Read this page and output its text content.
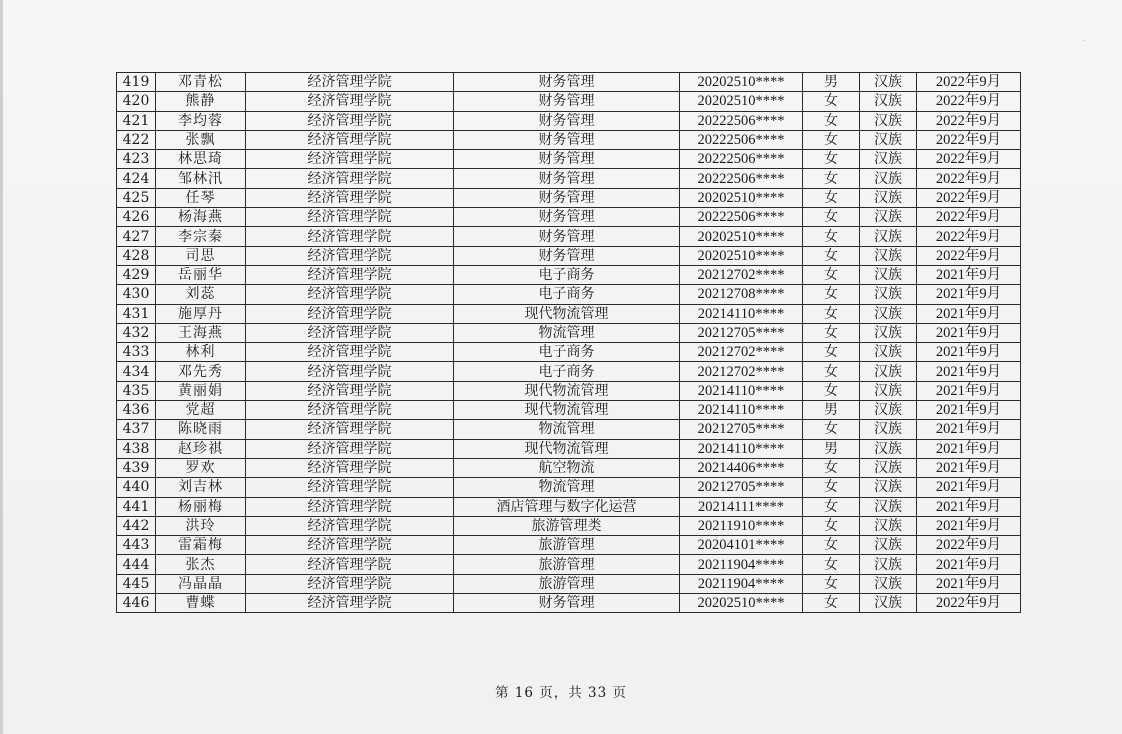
419	邓青松	经济管理学院	财务管理	20202510****	男	汉族	2022年9月
420	熊静	经济管理学院	财务管理	20202510****	女	汉族	2022年9月
421	李均蓉	经济管理学院	财务管理	20222506****	女	汉族	2022年9月
422	张飘	经济管理学院	财务管理	20222506****	女	汉族	2022年9月
423	林思琦	经济管理学院	财务管理	20222506****	女	汉族	2022年9月
424	邹林汛	经济管理学院	财务管理	20222506****	女	汉族	2022年9月
425	任琴	经济管理学院	财务管理	20202510****	女	汉族	2022年9月
426	杨海燕	经济管理学院	财务管理	20222506****	女	汉族	2022年9月
427	李宗秦	经济管理学院	财务管理	20202510****	女	汉族	2022年9月
428	司思	经济管理学院	财务管理	20202510****	女	汉族	2022年9月
429	岳丽华	经济管理学院	电子商务	20212702****	女	汉族	2021年9月
430	刘蕊	经济管理学院	电子商务	20212708****	女	汉族	2021年9月
431	施厚丹	经济管理学院	现代物流管理	20214110****	女	汉族	2021年9月
432	王海燕	经济管理学院	物流管理	20212705****	女	汉族	2021年9月
433	林利	经济管理学院	电子商务	20212702****	女	汉族	2021年9月
434	邓先秀	经济管理学院	电子商务	20212702****	女	汉族	2021年9月
435	黄丽娟	经济管理学院	现代物流管理	20214110****	女	汉族	2021年9月
436	党超	经济管理学院	现代物流管理	20214110****	男	汉族	2021年9月
437	陈晓雨	经济管理学院	物流管理	20212705****	女	汉族	2021年9月
438	赵珍祺	经济管理学院	现代物流管理	20214110****	男	汉族	2021年9月
439	罗欢	经济管理学院	航空物流	20214406****	女	汉族	2021年9月
440	刘吉林	经济管理学院	物流管理	20212705****	女	汉族	2021年9月
441	杨丽梅	经济管理学院	酒店管理与数字化运营	20214111****	女	汉族	2021年9月
442	洪玲	经济管理学院	旅游管理类	20211910****	女	汉族	2021年9月
443	雷霜梅	经济管理学院	旅游管理	20204101****	女	汉族	2022年9月
444	张杰	经济管理学院	旅游管理	20211904****	女	汉族	2021年9月
445	冯晶晶	经济管理学院	旅游管理	20211904****	女	汉族	2021年9月
446	曹蝶	经济管理学院	财务管理	20202510****	女	汉族	2022年9月
第 16 页，共 33 页
·
